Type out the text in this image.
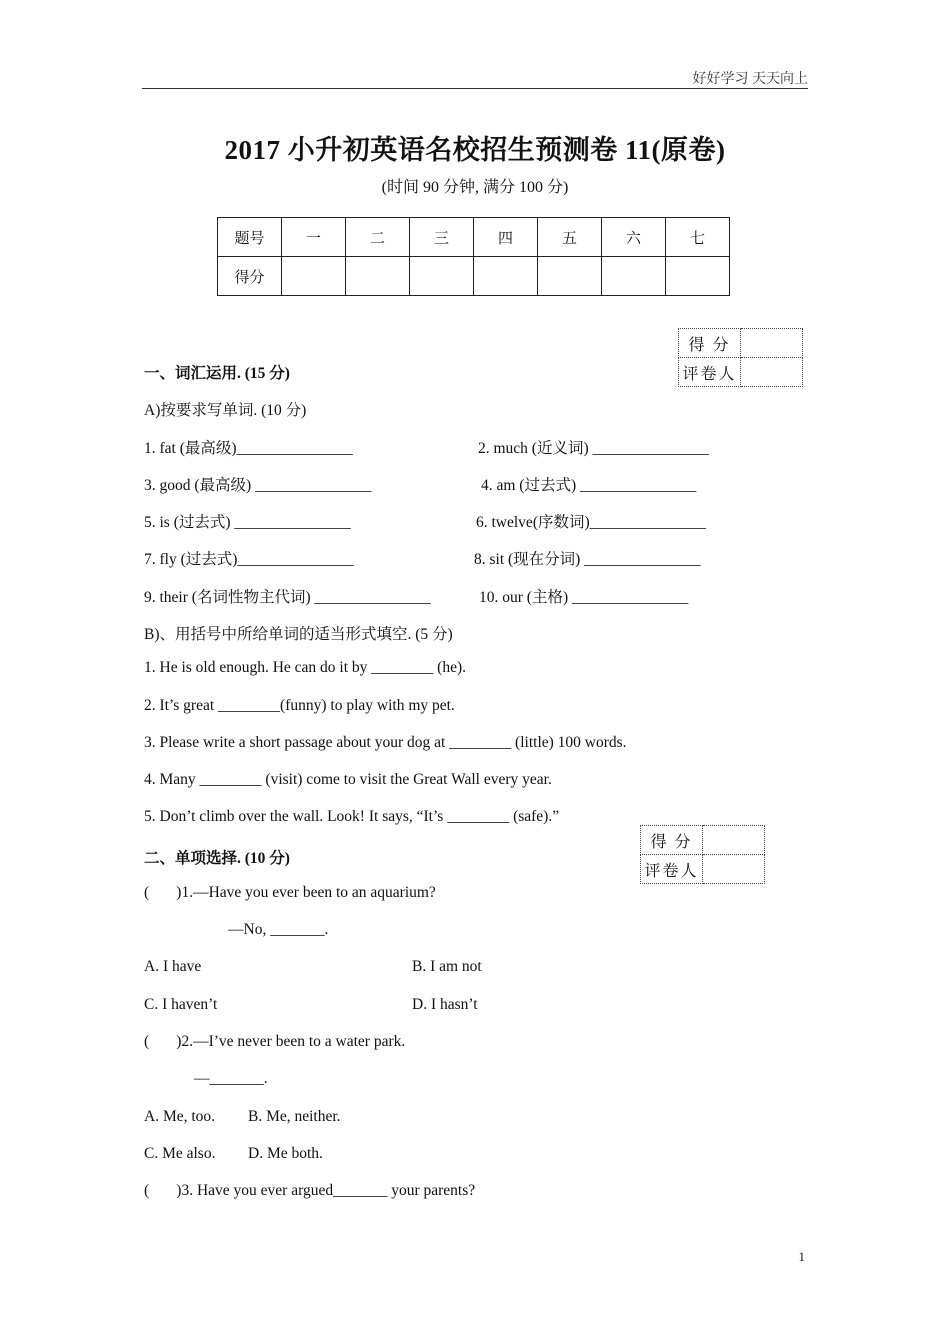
好好学习 天天向上
2017 小升初英语名校招生预测卷 11(原卷)
(时间 90 分钟, 满分 100 分)
题号	一	二	三	四	五	六	七
得分							
得 分	
评卷人	
一、词汇运用. (15 分)
A)按要求写单词. (10 分)
1. fat (最高级)_______________	2. much (近义词) _______________
3. good (最高级) _______________	4. am (过去式) _______________
5. is (过去式) _______________	6. twelve(序数词)_______________
7. fly (过去式)_______________	8. sit (现在分词) _______________
9. their (名词性物主代词) _______________	10. our (主格) _______________
B)、用括号中所给单词的适当形式填空. (5 分)
1. He is old enough. He can do it by ________ (he).
2. It’s great ________(funny) to play with my pet.
3. Please write a short passage about your dog at ________ (little) 100 words.
4. Many ________ (visit) come to visit the Great Wall every year.
5. Don’t climb over the wall. Look! It says, “It’s ________ (safe).”
得 分	
评卷人	
二、单项选择. (10 分)
(       )1.—Have you ever been to an aquarium?
—No, _______.
A. I have	B. I am not
C. I haven’t	D. I hasn’t
(       )2.—I’ve never been to a water park.
—_______.
A. Me, too. B. Me, neither.
C. Me also. D. Me both.
(       )3. Have you ever argued_______ your parents?
1
